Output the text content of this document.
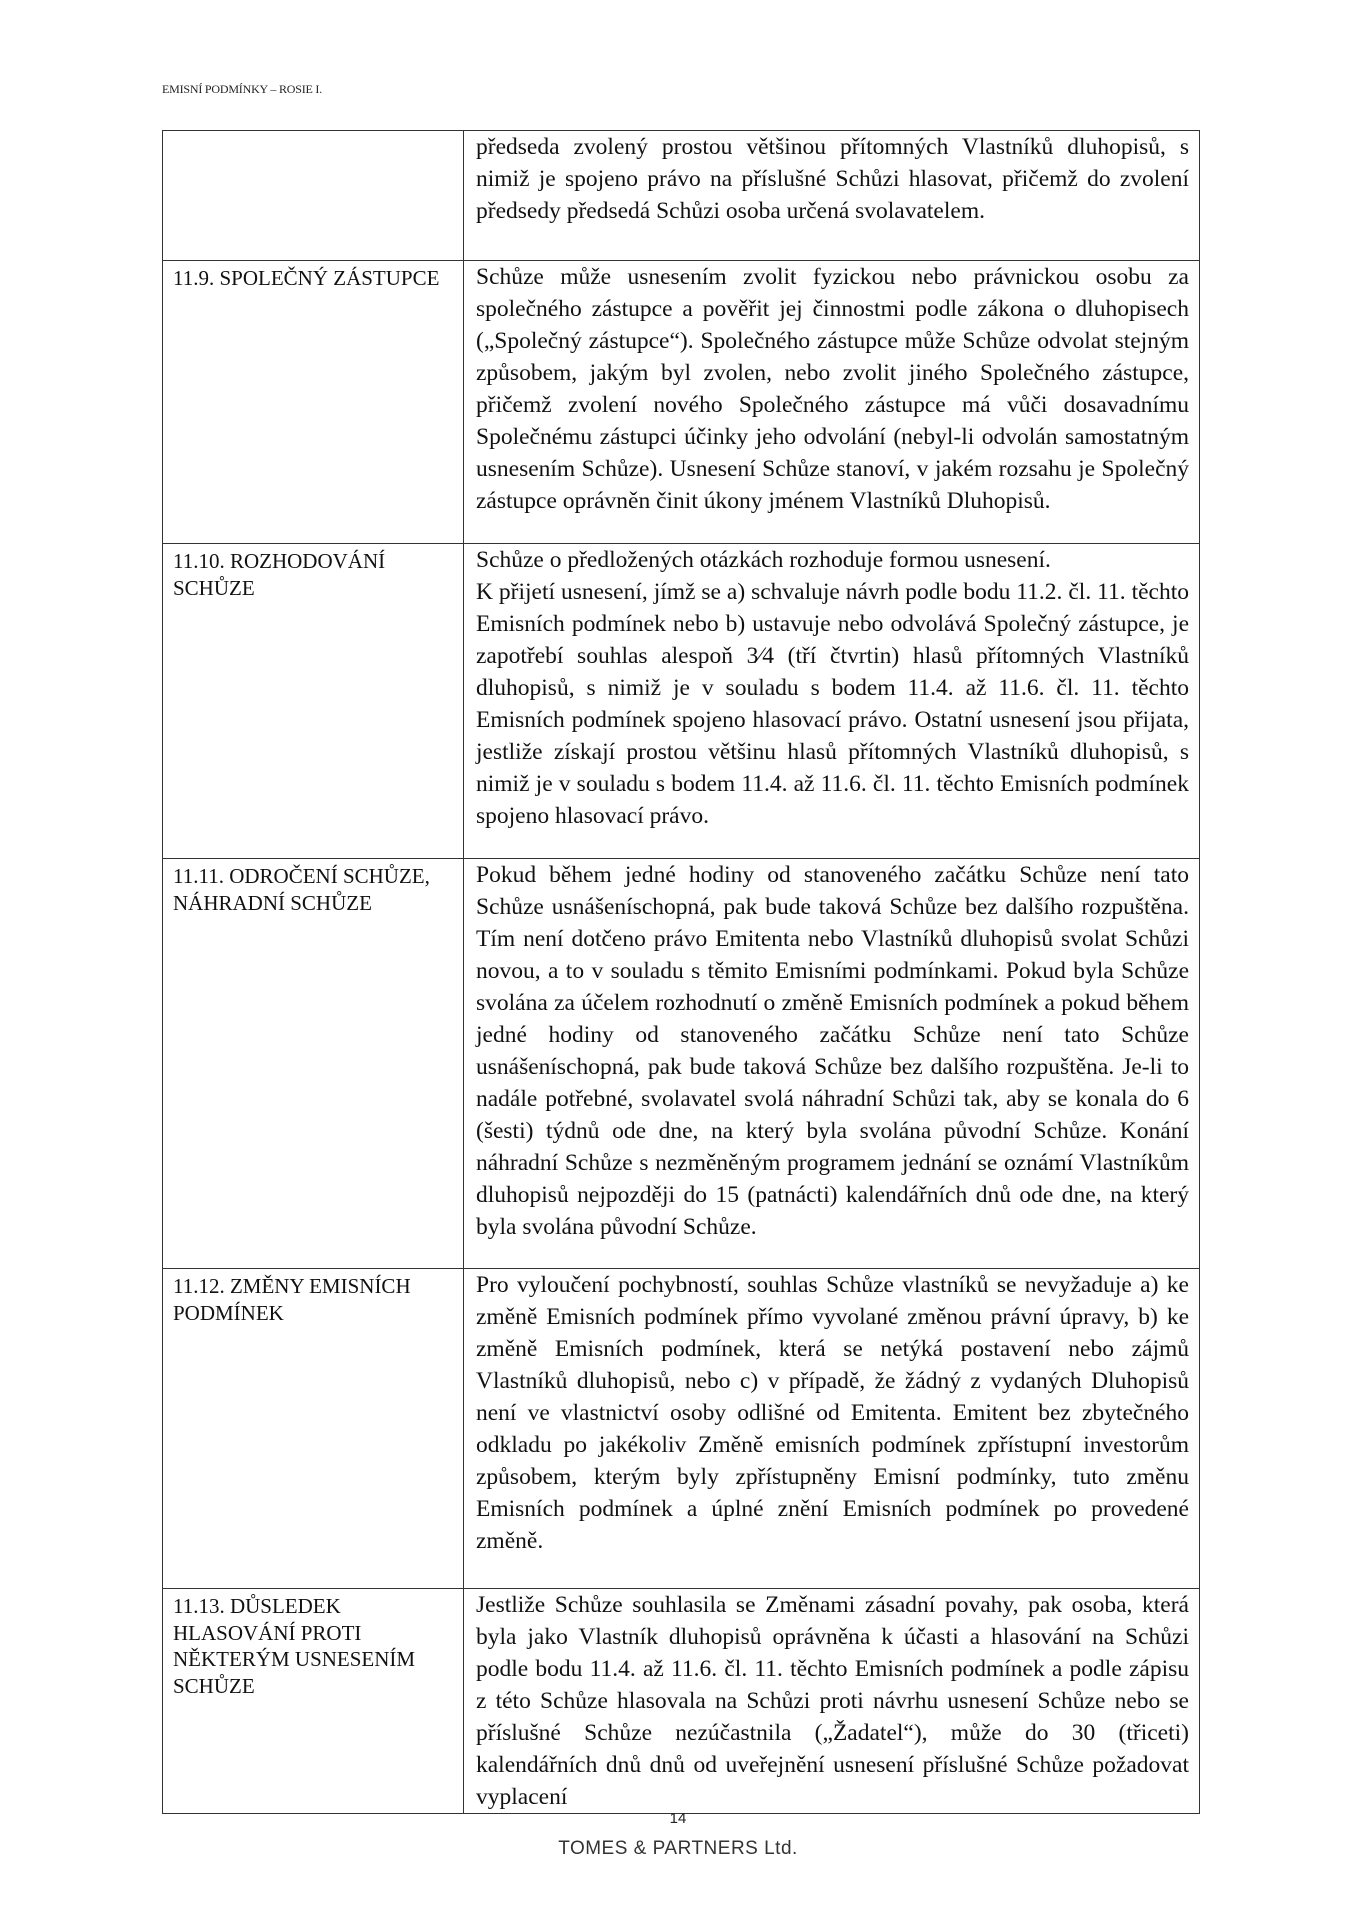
EMISNÍ PODMÍNKY – ROSIE I.

	předseda zvolený prostou většinou přítomných Vlastníků dluhopisů, s nimiž je spojeno právo na příslušné Schůzi hlasovat, přičemž do zvolení předsedy předsedá Schůzi osoba určená svolavatelem.

11.9. SPOLEČNÝ ZÁSTUPCE	Schůze může usnesením zvolit fyzickou nebo právnickou osobu za společného zástupce a pověřit jej činnostmi podle zákona o dluhopisech („Společný zástupce“). Společného zástupce může Schůze odvolat stejným způsobem, jakým byl zvolen, nebo zvolit jiného Společného zástupce, přičemž zvolení nového Společného zástupce má vůči dosavadnímu Společnému zástupci účinky jeho odvolání (nebyl-li odvolán samostatným usnesením Schůze). Usnesení Schůze stanoví, v jakém rozsahu je Společný zástupce oprávněn činit úkony jménem Vlastníků Dluhopisů.

11.10. ROZHODOVÁNÍ SCHŮZE	Schůze o předložených otázkách rozhoduje formou usnesení.

K přijetí usnesení, jímž se a) schvaluje návrh podle bodu 11.2. čl. 11. těchto Emisních podmínek nebo b) ustavuje nebo odvolává Společný zástupce, je zapotřebí souhlas alespoň 3⁄4 (tří čtvrtin) hlasů přítomných Vlastníků dluhopisů, s nimiž je v souladu s bodem 11.4. až 11.6. čl. 11. těchto Emisních podmínek spojeno hlasovací právo. Ostatní usnesení jsou přijata, jestliže získají prostou většinu hlasů přítomných Vlastníků dluhopisů, s nimiž je v souladu s bodem 11.4. až 11.6. čl. 11. těchto Emisních podmínek spojeno hlasovací právo.

11.11. ODROČENÍ SCHŮZE, NÁHRADNÍ SCHŮZE	Pokud během jedné hodiny od stanoveného začátku Schůze není tato Schůze usnášeníschopná, pak bude taková Schůze bez dalšího rozpuštěna. Tím není dotčeno právo Emitenta nebo Vlastníků dluhopisů svolat Schůzi novou, a to v souladu s těmito Emisními podmínkami. Pokud byla Schůze svolána za účelem rozhodnutí o změně Emisních podmínek a pokud během jedné hodiny od stanoveného začátku Schůze není tato Schůze usnášeníschopná, pak bude taková Schůze bez dalšího rozpuštěna. Je-li to nadále potřebné, svolavatel svolá náhradní Schůzi tak, aby se konala do 6 (šesti) týdnů ode dne, na který byla svolána původní Schůze. Konání náhradní Schůze s nezměněným programem jednání se oznámí Vlastníkům dluhopisů nejpozději do 15 (patnácti) kalendářních dnů ode dne, na který byla svolána původní Schůze.

11.12. ZMĚNY EMISNÍCH PODMÍNEK	Pro vyloučení pochybností, souhlas Schůze vlastníků se nevyžaduje a) ke změně Emisních podmínek přímo vyvolané změnou právní úpravy, b) ke změně Emisních podmínek, která se netýká postavení nebo zájmů Vlastníků dluhopisů, nebo c) v případě, že žádný z vydaných Dluhopisů není ve vlastnictví osoby odlišné od Emitenta. Emitent bez zbytečného odkladu po jakékoliv Změně emisních podmínek zpřístupní investorům způsobem, kterým byly zpřístupněny Emisní podmínky, tuto změnu Emisních podmínek a úplné znění Emisních podmínek po provedené změně.

11.13. DŮSLEDEK HLASOVÁNÍ PROTI NĚKTERÝM USNESENÍM SCHŮZE	Jestliže Schůze souhlasila se Změnami zásadní povahy, pak osoba, která byla jako Vlastník dluhopisů oprávněna k účasti a hlasování na Schůzi podle bodu 11.4. až 11.6. čl. 11. těchto Emisních podmínek a podle zápisu z této Schůze hlasovala na Schůzi proti návrhu usnesení Schůze nebo se příslušné Schůze nezúčastnila („Žadatel“), může do 30 (třiceti) kalendářních dnů dnů od uveřejnění usnesení příslušné Schůze požadovat vyplacení

14
TOMES & PARTNERS Ltd.
